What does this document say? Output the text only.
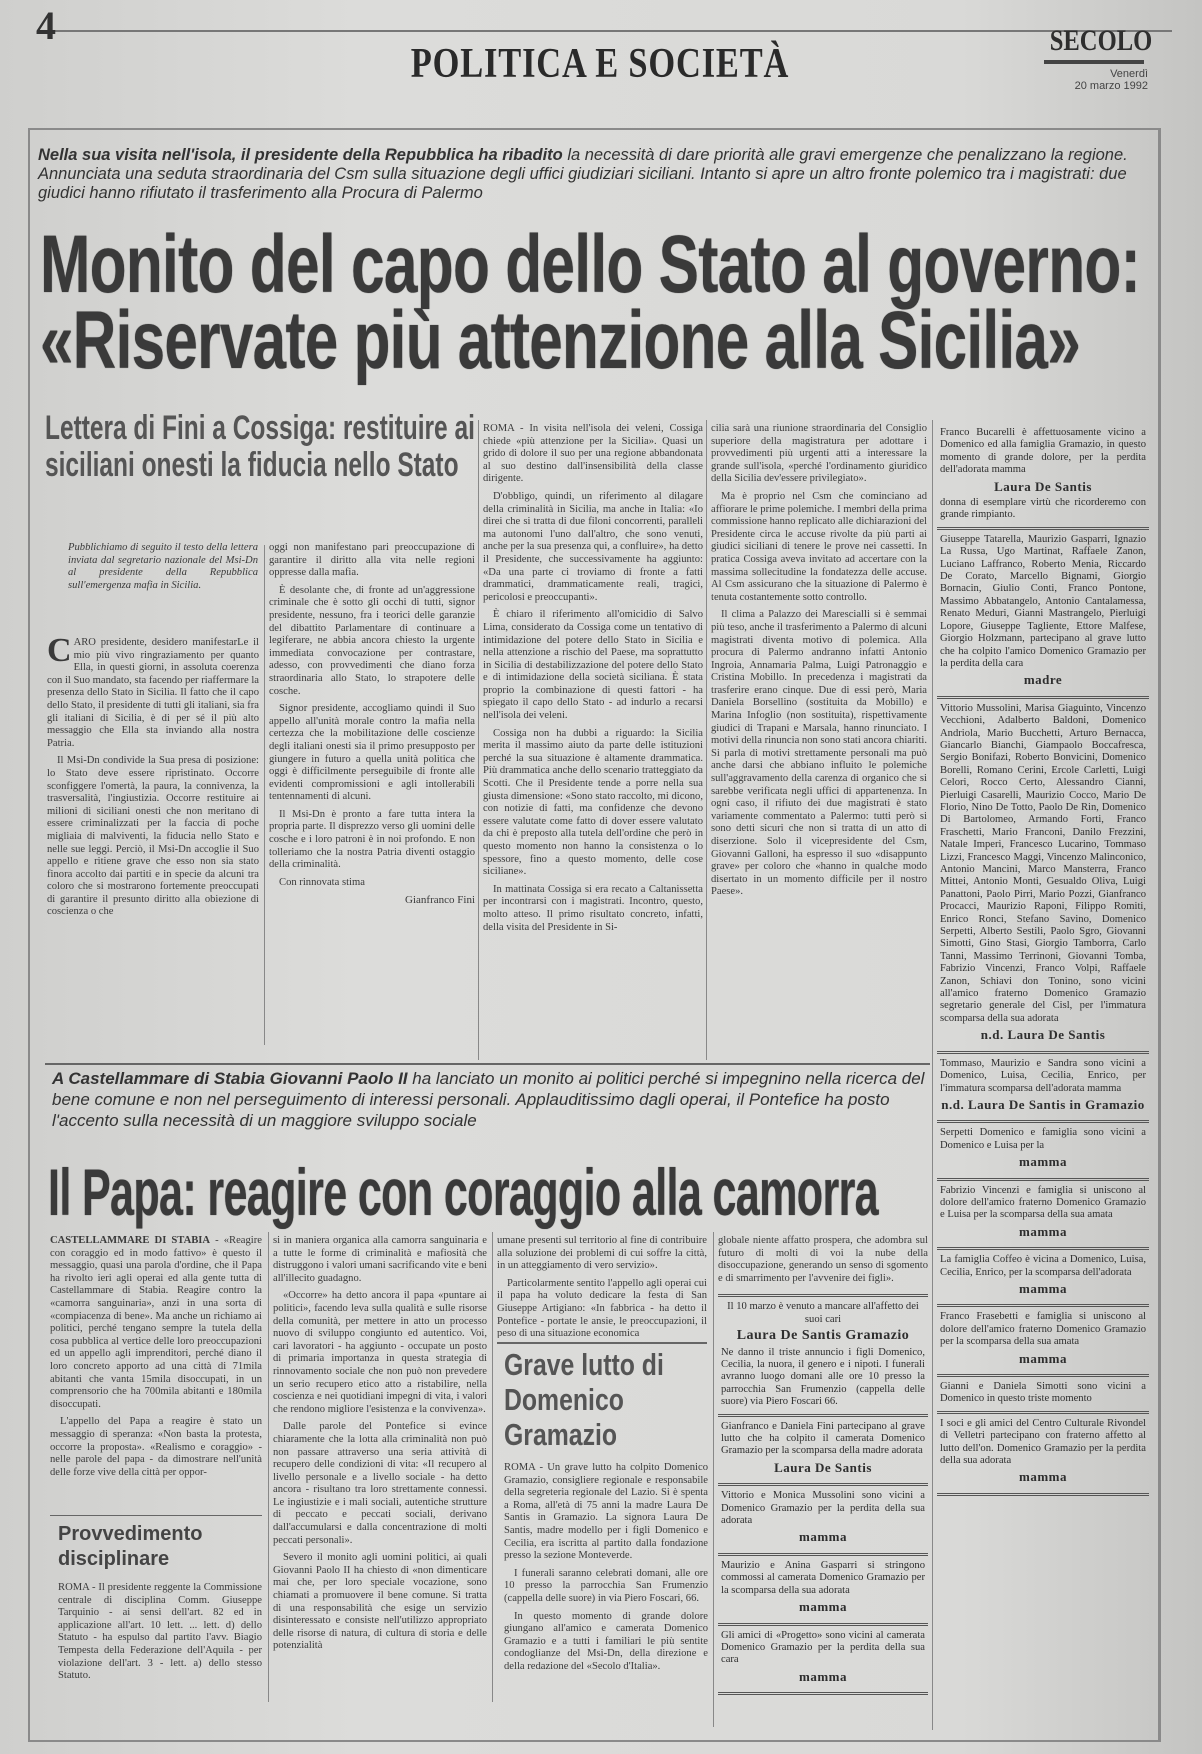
4
POLITICA E SOCIETÀ
SECOLO
Venerdì
20 marzo 1992
Nella sua visita nell'isola, il presidente della Repubblica ha ribadito la necessità di dare priorità alle gravi emergenze che penalizzano la regione. Annunciata una seduta straordinaria del Csm sulla situazione degli uffici giudiziari siciliani. Intanto si apre un altro fronte polemico tra i magistrati: due giudici hanno rifiutato il trasferimento alla Procura di Palermo
Monito del capo dello Stato al governo:
«Riservate più attenzione alla Sicilia»
Lettera di Fini a Cossiga: restituire ai siciliani onesti la fiducia nello Stato

Pubblichiamo di seguito il testo della lettera inviata dal segretario nazionale del Msi-Dn al presidente della Repubblica sull'emergenza mafia in Sicilia.

C ARO presidente, desidero manifestarLe il mio più vivo ringraziamento per quanto Ella, in questi giorni, in assoluta coerenza con il Suo mandato, sta facendo per riaffermare la presenza dello Stato in Sicilia. Il fatto che il capo dello Stato, il presidente di tutti gli italiani, sia fra gli italiani di Sicilia, è di per sé il più alto messaggio che Ella sta inviando alla nostra Patria.

Il Msi-Dn condivide la Sua presa di posizione: lo Stato deve essere ripristinato. Occorre sconfiggere l'omertà, la paura, la connivenza, la trasversalità, l'ingiustizia. Occorre restituire ai milioni di siciliani onesti che non meritano di essere criminalizzati per la faccia di poche migliaia di malviventi, la fiducia nello Stato e nelle sue leggi. Perciò, il Msi-Dn accoglie il Suo appello e ritiene grave che esso non sia stato finora accolto dai partiti e in specie da alcuni tra coloro che si mostrarono fortemente preoccupati di garantire il presunto diritto alla obiezione di coscienza o che

oggi non manifestano pari preoccupazione di garantire il diritto alla vita nelle regioni oppresse dalla mafia.

È desolante che, di fronte ad un'aggressione criminale che è sotto gli occhi di tutti, signor presidente, nessuno, fra i teorici delle garanzie del dibattito Parlamentare di continuare a legiferare, ne abbia ancora chiesto la urgente immediata convocazione per contrastare, adesso, con provvedimenti che diano forza straordinaria allo Stato, lo strapotere delle cosche.

Signor presidente, accogliamo quindi il Suo appello all'unità morale contro la mafia nella certezza che la mobilitazione delle coscienze degli italiani onesti sia il primo presupposto per giungere in futuro a quella unità politica che oggi è difficilmente perseguibile di fronte alle evidenti compromissioni e agli intollerabili tentennamenti di alcuni.

Il Msi-Dn è pronto a fare tutta intera la propria parte. Il disprezzo verso gli uomini delle cosche e i loro patroni è in noi profondo. E non tolleriamo che la nostra Patria diventi ostaggio della criminalità.

Con rinnovata stima

Gianfranco Fini

ROMA - In visita nell'isola dei veleni, Cossiga chiede «più attenzione per la Sicilia». Quasi un grido di dolore il suo per una regione abbandonata al suo destino dall'insensibilità della classe dirigente.

D'obbligo, quindi, un riferimento al dilagare della criminalità in Sicilia, ma anche in Italia: «Io direi che si tratta di due filoni concorrenti, paralleli ma autonomi l'uno dall'altro, che sono venuti, anche per la sua presenza qui, a confluire», ha detto il Presidente, che successivamente ha aggiunto: «Da una parte ci troviamo di fronte a fatti drammatici, drammaticamente reali, tragici, pericolosi e preoccupanti».

È chiaro il riferimento all'omicidio di Salvo Lima, considerato da Cossiga come un tentativo di intimidazione del potere dello Stato in Sicilia e nella attenzione a rischio del Paese, ma soprattutto in Sicilia di destabilizzazione del potere dello Stato e di intimidazione della società siciliana. È stata proprio la combinazione di questi fattori - ha spiegato il capo dello Stato - ad indurlo a recarsi nell'isola dei veleni.

Cossiga non ha dubbi a riguardo: la Sicilia merita il massimo aiuto da parte delle istituzioni perché la sua situazione è altamente drammatica. Più drammatica anche dello scenario tratteggiato da Scotti. Che il Presidente tende a porre nella sua giusta dimensione: «Sono stato raccolto, mi dicono, con notizie di fatti, ma confidenze che devono essere valutate come fatto di dover essere valutato da chi è preposto alla tutela dell'ordine che però in questo momento non hanno la consistenza o lo spessore, fino a questo momento, delle cose siciliane».

In mattinata Cossiga si era recato a Caltanissetta per incontrarsi con i magistrati. Incontro, questo, molto atteso. Il primo risultato concreto, infatti, della visita del Presidente in Si-

cilia sarà una riunione straordinaria del Consiglio superiore della magistratura per adottare i provvedimenti più urgenti atti a interessare la grande sull'isola, «perché l'ordinamento giuridico della Sicilia dev'essere privilegiato».

Ma è proprio nel Csm che cominciano ad affiorare le prime polemiche. I membri della prima commissione hanno replicato alle dichiarazioni del Presidente circa le accuse rivolte da più parti ai giudici siciliani di tenere le prove nei cassetti. In pratica Cossiga aveva invitato ad accertare con la massima sollecitudine la fondatezza delle accuse. Al Csm assicurano che la situazione di Palermo è tenuta costantemente sotto controllo.

Il clima a Palazzo dei Marescialli si è semmai più teso, anche il trasferimento a Palermo di alcuni magistrati diventa motivo di polemica. Alla procura di Palermo andranno infatti Antonio Ingroia, Annamaria Palma, Luigi Patronaggio e Cristina Mobillo. In precedenza i magistrati da trasferire erano cinque. Due di essi però, Maria Daniela Borsellino (sostituita da Mobillo) e Marina Infoglio (non sostituita), rispettivamente giudici di Trapani e Marsala, hanno rinunciato. I motivi della rinuncia non sono stati ancora chiariti. Si parla di motivi strettamente personali ma può anche darsi che abbiano influito le polemiche sull'aggravamento della carenza di organico che si sarebbe verificata negli uffici di appartenenza. In ogni caso, il rifiuto dei due magistrati è stato variamente commentato a Palermo: tutti però si sono detti sicuri che non si tratta di un atto di diserzione. Solo il vicepresidente del Csm, Giovanni Galloni, ha espresso il suo «disappunto grave» per coloro che «hanno in qualche modo disertato in un momento difficile per il nostro Paese».

A Castellammare di Stabia Giovanni Paolo II ha lanciato un monito ai politici perché si impegnino nella ricerca del bene comune e non nel perseguimento di interessi personali. Applauditissimo dagli operai, il Pontefice ha posto l'accento sulla necessità di un maggiore sviluppo sociale
Il Papa: reagire con coraggio alla camorra

CASTELLAMMARE DI STABIA - «Reagire con coraggio ed in modo fattivo» è questo il messaggio, quasi una parola d'ordine, che il Papa ha rivolto ieri agli operai ed alla gente tutta di Castellammare di Stabia. Reagire contro la «camorra sanguinaria», anzi in una sorta di «compiacenza di bene». Ma anche un richiamo ai politici, perché tengano sempre la tutela della cosa pubblica al vertice delle loro preoccupazioni ed un appello agli imprenditori, perché diano il loro concreto apporto ad una città di 71mila abitanti che vanta 15mila disoccupati, in un comprensorio che ha 700mila abitanti e 180mila disoccupati.

L'appello del Papa a reagire è stato un messaggio di speranza: «Non basta la protesta, occorre la proposta». «Realismo e coraggio» - nelle parole del papa - da dimostrare nell'unità delle forze vive della città per oppor-

Provvedimento disciplinare

ROMA - Il presidente reggente la Commissione centrale di disciplina Comm. Giuseppe Tarquinio - ai sensi dell'art. 82 ed in applicazione all'art. 10 lett. ... lett. d) dello Statuto - ha espulso dal partito l'avv. Biagio Tempesta della Federazione dell'Aquila - per violazione dell'art. 3 - lett. a) dello stesso Statuto.

si in maniera organica alla camorra sanguinaria e a tutte le forme di criminalità e mafiosità che distruggono i valori umani sacrificando vite e beni all'illecito guadagno.

«Occorre» ha detto ancora il papa «puntare ai politici», facendo leva sulla qualità e sulle risorse della comunità, per mettere in atto un processo nuovo di sviluppo congiunto ed autentico. Voi, cari lavoratori - ha aggiunto - occupate un posto di primaria importanza in questa strategia di rinnovamento sociale che non può non prevedere un serio recupero etico atto a ristabilire, nella coscienza e nei quotidiani impegni di vita, i valori che rendono migliore l'esistenza e la convivenza».

Dalle parole del Pontefice si evince chiaramente che la lotta alla criminalità non può non passare attraverso una seria attività di recupero delle condizioni di vita: «Il recupero al livello personale e a livello sociale - ha detto ancora - risultano tra loro strettamente connessi. Le ingiustizie e i mali sociali, autentiche strutture di peccato e peccati sociali, derivano dall'accumularsi e dalla concentrazione di molti peccati personali».

Severo il monito agli uomini politici, ai quali Giovanni Paolo II ha chiesto di «non dimenticare mai che, per loro speciale vocazione, sono chiamati a promuovere il bene comune. Si tratta di una responsabilità che esige un servizio disinteressato e consiste nell'utilizzo appropriato delle risorse di natura, di cultura di storia e delle potenzialità

umane presenti sul territorio al fine di contribuire alla soluzione dei problemi di cui soffre la città, in un atteggiamento di vero servizio».

Particolarmente sentito l'appello agli operai cui il papa ha voluto dedicare la festa di San Giuseppe Artigiano: «In fabbrica - ha detto il Pontefice - portate le ansie, le preoccupazioni, il peso di una situazione economica

Grave lutto di Domenico Gramazio

ROMA - Un grave lutto ha colpito Domenico Gramazio, consigliere regionale e responsabile della segreteria regionale del Lazio. Si è spenta a Roma, all'età di 75 anni la madre Laura De Santis in Gramazio. La signora Laura De Santis, madre modello per i figli Domenico e Cecilia, era iscritta al partito dalla fondazione presso la sezione Monteverde.

I funerali saranno celebrati domani, alle ore 10 presso la parrocchia San Frumenzio (cappella delle suore) in via Piero Foscari, 66.

In questo momento di grande dolore giungano all'amico e camerata Domenico Gramazio e a tutti i familiari le più sentite condoglianze del Msi-Dn, della direzione e della redazione del «Secolo d'Italia».

globale niente affatto prospera, che adombra sul futuro di molti di voi la nube della disoccupazione, generando un senso di sgomento e di smarrimento per l'avvenire dei figli».

Il 10 marzo è venuto a mancare all'affetto dei suoi cari
Laura De Santis Gramazio
Ne danno il triste annuncio i figli Domenico, Cecilia, la nuora, il genero e i nipoti. I funerali avranno luogo domani alle ore 10 presso la parrocchia San Frumenzio (cappella delle suore) via Piero Foscari 66.
Gianfranco e Daniela Fini partecipano al grave lutto che ha colpito il camerata Domenico Gramazio per la scomparsa della madre adorata
Laura De Santis
Vittorio e Monica Mussolini sono vicini a Domenico Gramazio per la perdita della sua adorata
mamma
Maurizio e Anina Gasparri si stringono commossi al camerata Domenico Gramazio per la scomparsa della sua adorata
mamma
Gli amici di «Progetto» sono vicini al camerata Domenico Gramazio per la perdita della sua cara
mamma
Franco Bucarelli è affettuosamente vicino a Domenico ed alla famiglia Gramazio, in questo momento di grande dolore, per la perdita dell'adorata mamma
Laura De Santis
donna di esemplare virtù che ricorderemo con grande rimpianto.
Giuseppe Tatarella, Maurizio Gasparri, Ignazio La Russa, Ugo Martinat, Raffaele Zanon, Luciano Laffranco, Roberto Menia, Riccardo De Corato, Marcello Bignami, Giorgio Bornacin, Giulio Conti, Franco Pontone, Massimo Abbatangelo, Antonio Cantalamessa, Renato Meduri, Gianni Mastrangelo, Pierluigi Lopore, Giuseppe Tagliente, Ettore Malfese, Giorgio Holzmann, partecipano al grave lutto che ha colpito l'amico Domenico Gramazio per la perdita della cara
madre
Vittorio Mussolini, Marisa Giaguinto, Vincenzo Vecchioni, Adalberto Baldoni, Domenico Andriola, Mario Bucchetti, Arturo Bernacca, Giancarlo Bianchi, Giampaolo Boccafresca, Sergio Bonifazi, Roberto Bonvicini, Domenico Borelli, Romano Cerini, Ercole Carletti, Luigi Celori, Rocco Certo, Alessandro Cianni, Pierluigi Casarelli, Maurizio Cocco, Mario De Florio, Nino De Totto, Paolo De Rin, Domenico Di Bartolomeo, Armando Forti, Franco Fraschetti, Mario Franconi, Danilo Frezzini, Natale Imperi, Francesco Lucarino, Tommaso Lizzi, Francesco Maggi, Vincenzo Malinconico, Antonio Mancini, Marco Mansterra, Franco Mittei, Antonio Monti, Gesualdo Oliva, Luigi Panattoni, Paolo Pirri, Mario Pozzi, Gianfranco Procacci, Maurizio Raponi, Filippo Romiti, Enrico Ronci, Stefano Savino, Domenico Serpetti, Alberto Sestili, Paolo Sgro, Giovanni Simotti, Gino Stasi, Giorgio Tamborra, Carlo Tanni, Massimo Terrinoni, Giovanni Tomba, Fabrizio Vincenzi, Franco Volpi, Raffaele Zanon, Schiavi don Tonino, sono vicini all'amico fraterno Domenico Gramazio segretario generale del Cisl, per l'immatura scomparsa della sua adorata
n.d. Laura De Santis
Tommaso, Maurizio e Sandra sono vicini a Domenico, Luisa, Cecilia, Enrico, per l'immatura scomparsa dell'adorata mamma
n.d. Laura De Santis in Gramazio
Serpetti Domenico e famiglia sono vicini a Domenico e Luisa per la
mamma
Fabrizio Vincenzi e famiglia si uniscono al dolore dell'amico fraterno Domenico Gramazio e Luisa per la scomparsa della sua amata
mamma
La famiglia Coffeo è vicina a Domenico, Luisa, Cecilia, Enrico, per la scomparsa dell'adorata
mamma
Franco Frasebetti e famiglia si uniscono al dolore dell'amico fraterno Domenico Gramazio per la scomparsa della sua amata
mamma
Gianni e Daniela Simotti sono vicini a Domenico in questo triste momento
I soci e gli amici del Centro Culturale Rivondel di Velletri partecipano con fraterno affetto al lutto dell'on. Domenico Gramazio per la perdita della sua adorata
mamma
